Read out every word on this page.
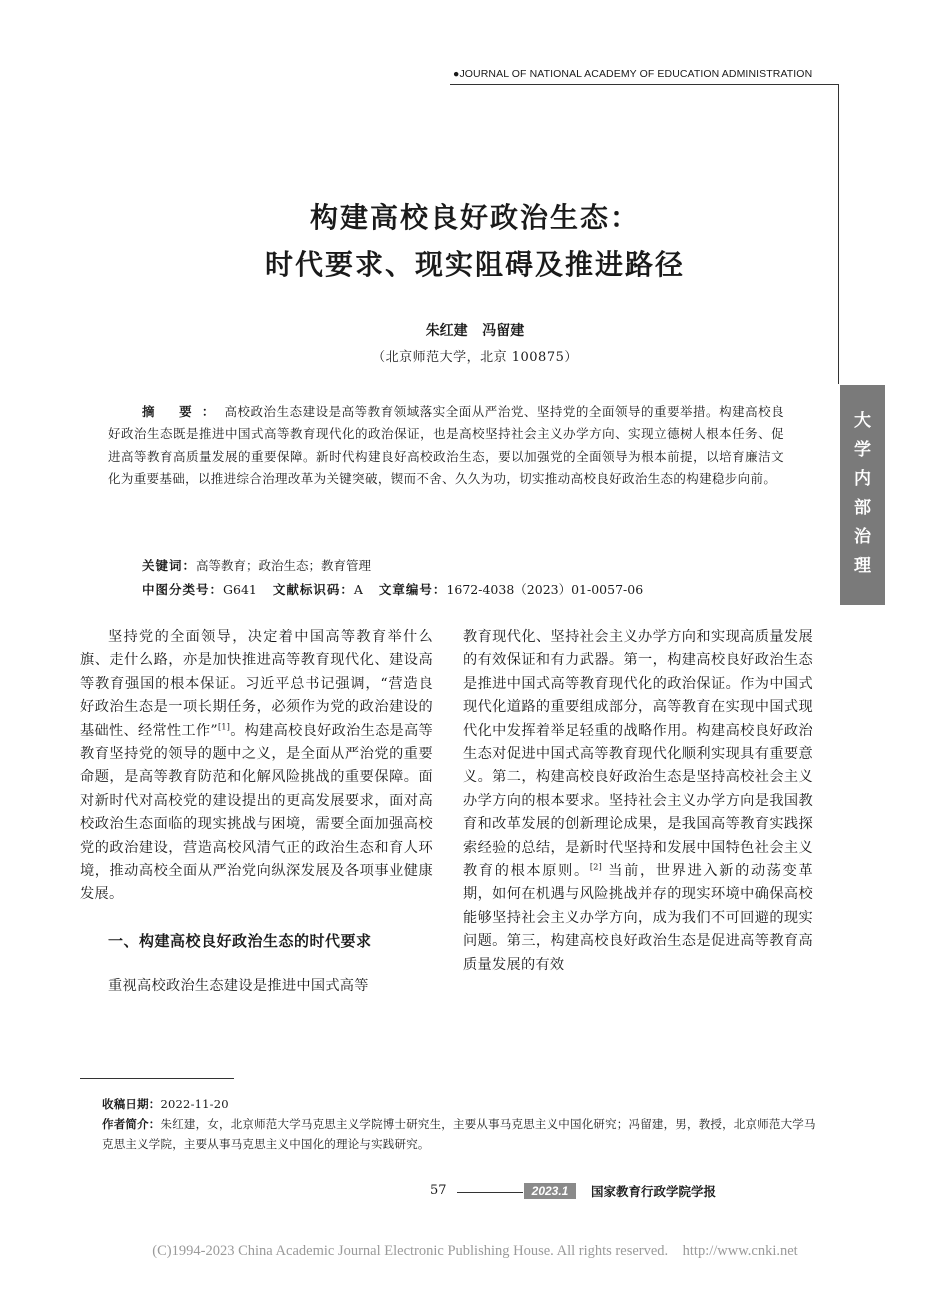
●JOURNAL OF NATIONAL ACADEMY OF EDUCATION ADMINISTRATION
大
学
内
部
治
理
构建高校良好政治生态：
时代要求、现实阻碍及推进路径
朱红建   冯留建
（北京师范大学，北京 100875）
摘 要：高校政治生态建设是高等教育领域落实全面从严治党、坚持党的全面领导的重要举措。构建高校良好政治生态既是推进中国式高等教育现代化的政治保证，也是高校坚持社会主义办学方向、实现立德树人根本任务、促进高等教育高质量发展的重要保障。新时代构建良好高校政治生态，要以加强党的全面领导为根本前提，以培育廉洁文化为重要基础，以推进综合治理改革为关键突破，锲而不舍、久久为功，切实推动高校良好政治生态的构建稳步向前。
关键词：高等教育；政治生态；教育管理
中图分类号：G641 文献标识码：A 文章编号：1672-4038（2023）01-0057-06

坚持党的全面领导，决定着中国高等教育举什么旗、走什么路，亦是加快推进高等教育现代化、建设高等教育强国的根本保证。习近平总书记强调，“营造良好政治生态是一项长期任务，必须作为党的政治建设的基础性、经常性工作”[1]。构建高校良好政治生态是高等教育坚持党的领导的题中之义，是全面从严治党的重要命题，是高等教育防范和化解风险挑战的重要保障。面对新时代对高校党的建设提出的更高发展要求，面对高校政治生态面临的现实挑战与困境，需要全面加强高校党的政治建设，营造高校风清气正的政治生态和育人环境，推动高校全面从严治党向纵深发展及各项事业健康发展。

一、构建高校良好政治生态的时代要求

重视高校政治生态建设是推进中国式高等

教育现代化、坚持社会主义办学方向和实现高质量发展的有效保证和有力武器。第一，构建高校良好政治生态是推进中国式高等教育现代化的政治保证。作为中国式现代化道路的重要组成部分，高等教育在实现中国式现代化中发挥着举足轻重的战略作用。构建高校良好政治生态对促进中国式高等教育现代化顺利实现具有重要意义。第二，构建高校良好政治生态是坚持高校社会主义办学方向的根本要求。坚持社会主义办学方向是我国教育和改革发展的创新理论成果，是我国高等教育实践探索经验的总结，是新时代坚持和发展中国特色社会主义教育的根本原则。[2] 当前，世界进入新的动荡变革期，如何在机遇与风险挑战并存的现实环境中确保高校能够坚持社会主义办学方向，成为我们不可回避的现实问题。第三，构建高校良好政治生态是促进高等教育高质量发展的有效

收稿日期：2022-11-20
作者简介：朱红建，女，北京师范大学马克思主义学院博士研究生，主要从事马克思主义中国化研究；冯留建，男，教授，北京师范大学马克思主义学院，主要从事马克思主义中国化的理论与实践研究。
57	2023.1	国家教育行政学院学报
(C)1994-2023 China Academic Journal Electronic Publishing House. All rights reserved.    http://www.cnki.net
